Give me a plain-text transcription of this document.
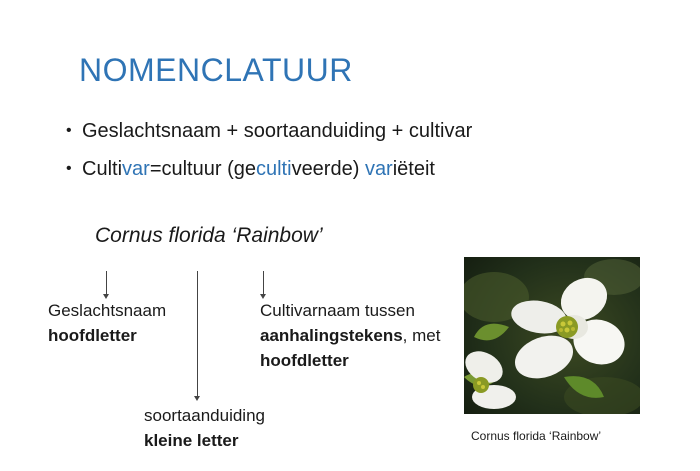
NOMENCLATUUR
• Geslachtsnaam + soortaanduiding + cultivar
• Cultivar=cultuur (gecultiveerde) variëteit
Cornus florida ‘Rainbow’
Geslachtsnaam
hoofdletter
Cultivarnaam tussen
aanhalingstekens, met
hoofdletter
soortaanduiding
kleine letter	Cornus florida ‘Rainbow’
